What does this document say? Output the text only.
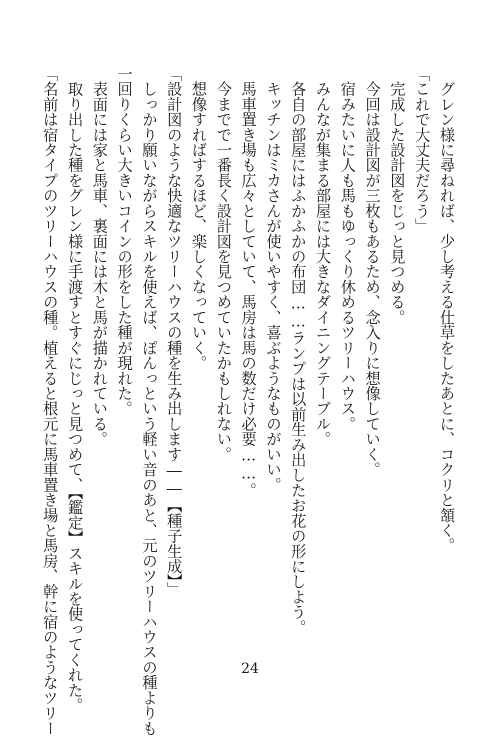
　グレン様に尋ねれば、少し考える仕草をしたあとに、コクリと頷く。
「これで大丈夫だろう」
　完成した設計図をじっと見つめる。
　今回は設計図が三枚もあるため、念入りに想像していく。
　宿みたいに人も馬もゆっくり休めるツリーハウス。
　みんなが集まる部屋には大きなダイニングテーブル。
　各自の部屋にはふかふかの布団……ランプは以前生み出したお花の形にしよう。
　キッチンはミカさんが使いやすく、喜ぶようなものがいい。
　馬車置き場も広々としていて、馬房は馬の数だけ必要……。
　今までで一番長く設計図を見つめていたかもしれない。
　想像すればするほど、楽しくなっていく。
「設計図のような快適なツリーハウスの種を生み出します――【種子生成】」
　しっかり願いながらスキルを使えば、ぽんっという軽い音のあと、元のツリーハウスの種よりも
一回りくらい大きいコインの形をした種が現れた。
　表面には家と馬車、裏面には木と馬が描かれている。
　取り出した種をグレン様に手渡すとすぐにじっと見つめて、【鑑定】スキルを使ってくれた。
「名前は宿タイプのツリーハウスの種。植えると根元に馬車置き場と馬房、幹に宿のようなツリー	24
